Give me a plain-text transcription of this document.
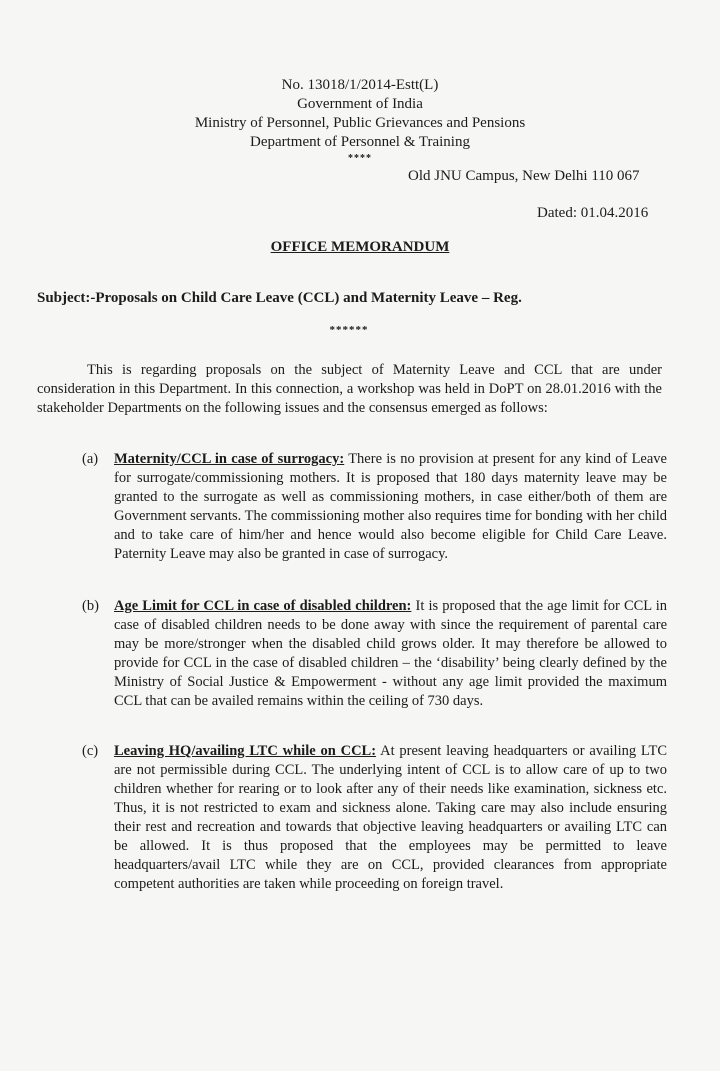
No. 13018/1/2014-Estt(L)
Government of India
Ministry of Personnel, Public Grievances and Pensions
Department of Personnel & Training
****
Old JNU Campus, New Delhi 110 067
Dated: 01.04.2016
OFFICE MEMORANDUM
Subject:-Proposals on Child Care Leave (CCL) and Maternity Leave – Reg.
******
This is regarding proposals on the subject of Maternity Leave and CCL that are under consideration in this Department. In this connection, a workshop was held in DoPT on 28.01.2016 with the stakeholder Departments on the following issues and the consensus emerged as follows:
(a) Maternity/CCL in case of surrogacy: There is no provision at present for any kind of Leave for surrogate/commissioning mothers. It is proposed that 180 days maternity leave may be granted to the surrogate as well as commissioning mothers, in case either/both of them are Government servants. The commissioning mother also requires time for bonding with her child and to take care of him/her and hence would also become eligible for Child Care Leave. Paternity Leave may also be granted in case of surrogacy.
(b) Age Limit for CCL in case of disabled children: It is proposed that the age limit for CCL in case of disabled children needs to be done away with since the requirement of parental care may be more/stronger when the disabled child grows older. It may therefore be allowed to provide for CCL in the case of disabled children – the ‘disability’ being clearly defined by the Ministry of Social Justice & Empowerment - without any age limit provided the maximum CCL that can be availed remains within the ceiling of 730 days.
(c) Leaving HQ/availing LTC while on CCL: At present leaving headquarters or availing LTC are not permissible during CCL. The underlying intent of CCL is to allow care of up to two children whether for rearing or to look after any of their needs like examination, sickness etc. Thus, it is not restricted to exam and sickness alone. Taking care may also include ensuring their rest and recreation and towards that objective leaving headquarters or availing LTC can be allowed. It is thus proposed that the employees may be permitted to leave headquarters/avail LTC while they are on CCL, provided clearances from appropriate competent authorities are taken while proceeding on foreign travel.
